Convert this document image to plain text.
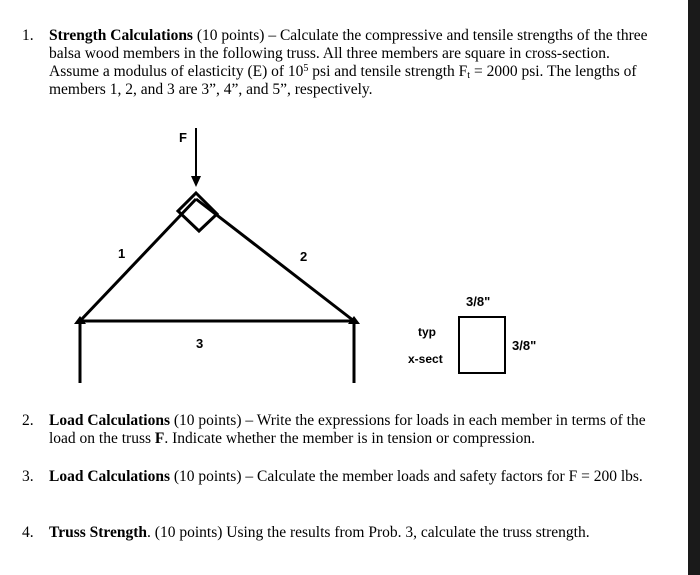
1. Strength Calculations (10 points) – Calculate the compressive and tensile strengths of the three balsa wood members in the following truss. All three members are square in cross-section. Assume a modulus of elasticity (E) of $10^5$ psi and tensile strength $F_t = 2000$ psi. The lengths of members 1, 2, and 3 are 3”, 4”, and 5”, respectively.
F
1	2
3
3/8"
3/8"
typ
x-sect
2. Load Calculations (10 points) – Write the expressions for loads in each member in terms of the load on the truss F. Indicate whether the member is in tension or compression.
3. Load Calculations (10 points) – Calculate the member loads and safety factors for F = 200 lbs.
4. Truss Strength. (10 points) Using the results from Prob. 3, calculate the truss strength.
